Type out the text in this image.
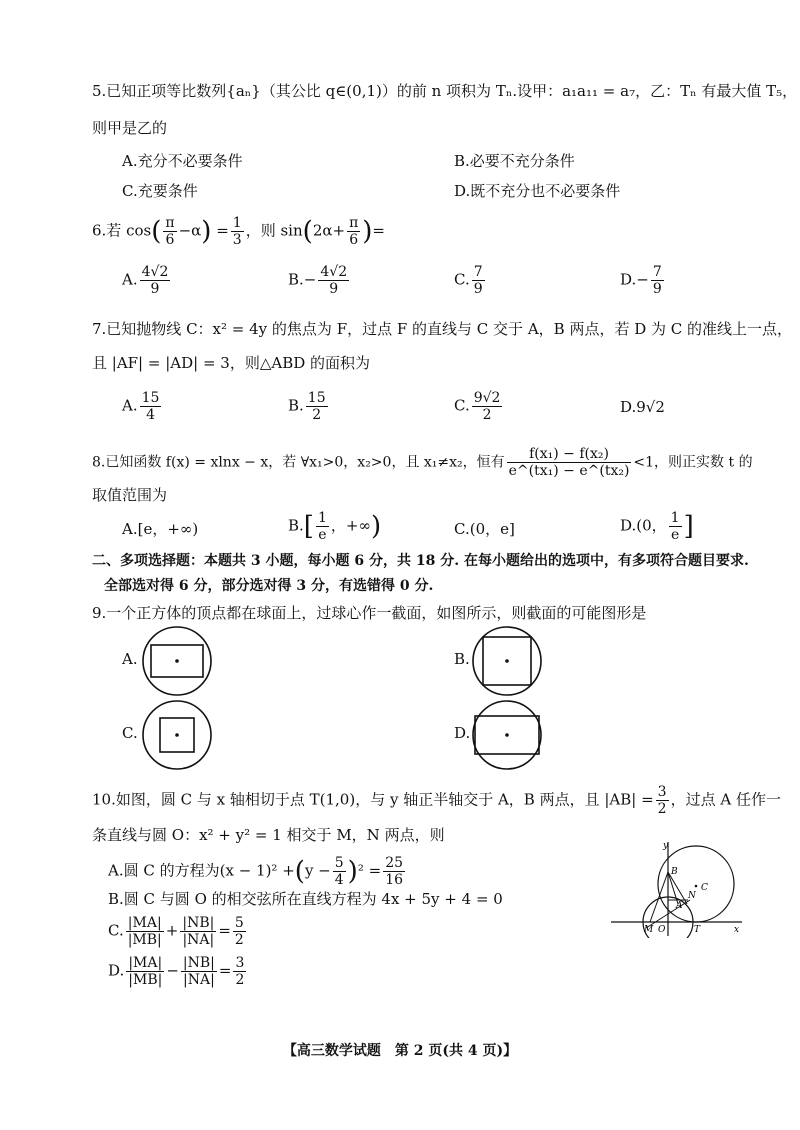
5.已知正项等比数列{aₙ}（其公比 q∈(0,1)）的前 n 项积为 Tₙ.设甲：a₁a₁₁ = a₇，乙：Tₙ 有最大值 T₅，
则甲是乙的
A.充分不必要条件	B.必要不充分条件
C.充要条件	D.既不充分也不必要条件
6.若 $\cos( \frac{\pi}{6} -\alpha) = \frac{1}{3}$ ，则 $\sin(2\alpha+ \frac{\pi}{6}$ )=
A. $\frac{4√2}{9}$	$B.- \frac{4√2}{9}$	C. $\frac{7}{9}$	$D.- \frac{7}{9}$
7.已知抛物线 C：x² = 4y 的焦点为 F，过点 F 的直线与 C 交于 A，B 两点，若 D 为 C 的准线上一点，
且 |AF| = |AD| = 3，则△ABD 的面积为
A. $\frac{15}{4}$	B. $\frac{15}{2}$	C. $\frac{9√2}{2}$	D.9√2
8.已知函数 f(x) = xlnx − x，若 ∀x₁>0，x₂>0，且 x₁≠x₂，恒有 $\frac{\text{f(x₁) − f(x₂)}}{\text{e\textasciicircum{}(tx₁) − e\textasciicircum{}(tx₂)}} <1$，则正实数 t 的
取值范围为
A.[e，+∞)	$B.[ \frac{1}{e}$ ，+∞)	C.(0，e]	D.(0， $\frac{1}{e}$ ]
二、多项选择题：本题共 3 小题，每小题 6 分，共 18 分. 在每小题给出的选项中，有多项符合题目要求.
全部选对得 6 分，部分选对得 3 分，有选错得 0 分.
9.一个正方体的顶点都在球面上，过球心作一截面，如图所示，则截面的可能图形是
A.	B.
C.	D.
10.如图，圆 C 与 x 轴相切于点 T(1,0)，与 y 轴正半轴交于 A，B 两点，且 $|AB| = \frac{3}{2}$ ，过点 A 任作一
条直线与圆 O：x² + y² = 1 相交于 M，N 两点，则
A.圆 C 的方程为$(x - 1)^2 +(y - \frac{5}{4} )^2 = \frac{25}{16}$
B.圆 C 与圆 O 的相交弦所在直线方程为 4x + 5y + 4 = 0
C. $\frac{|MA|}{|MB|} + \frac{|NB|}{|NA|} = \frac{5}{2}$
D. $\frac{|MA|}{|MB|} - \frac{|NB|}{|NA|} = \frac{3}{2}$
y
x
B
C
N
A
M O	T
【高三数学试题　第 2 页(共 4 页)】
